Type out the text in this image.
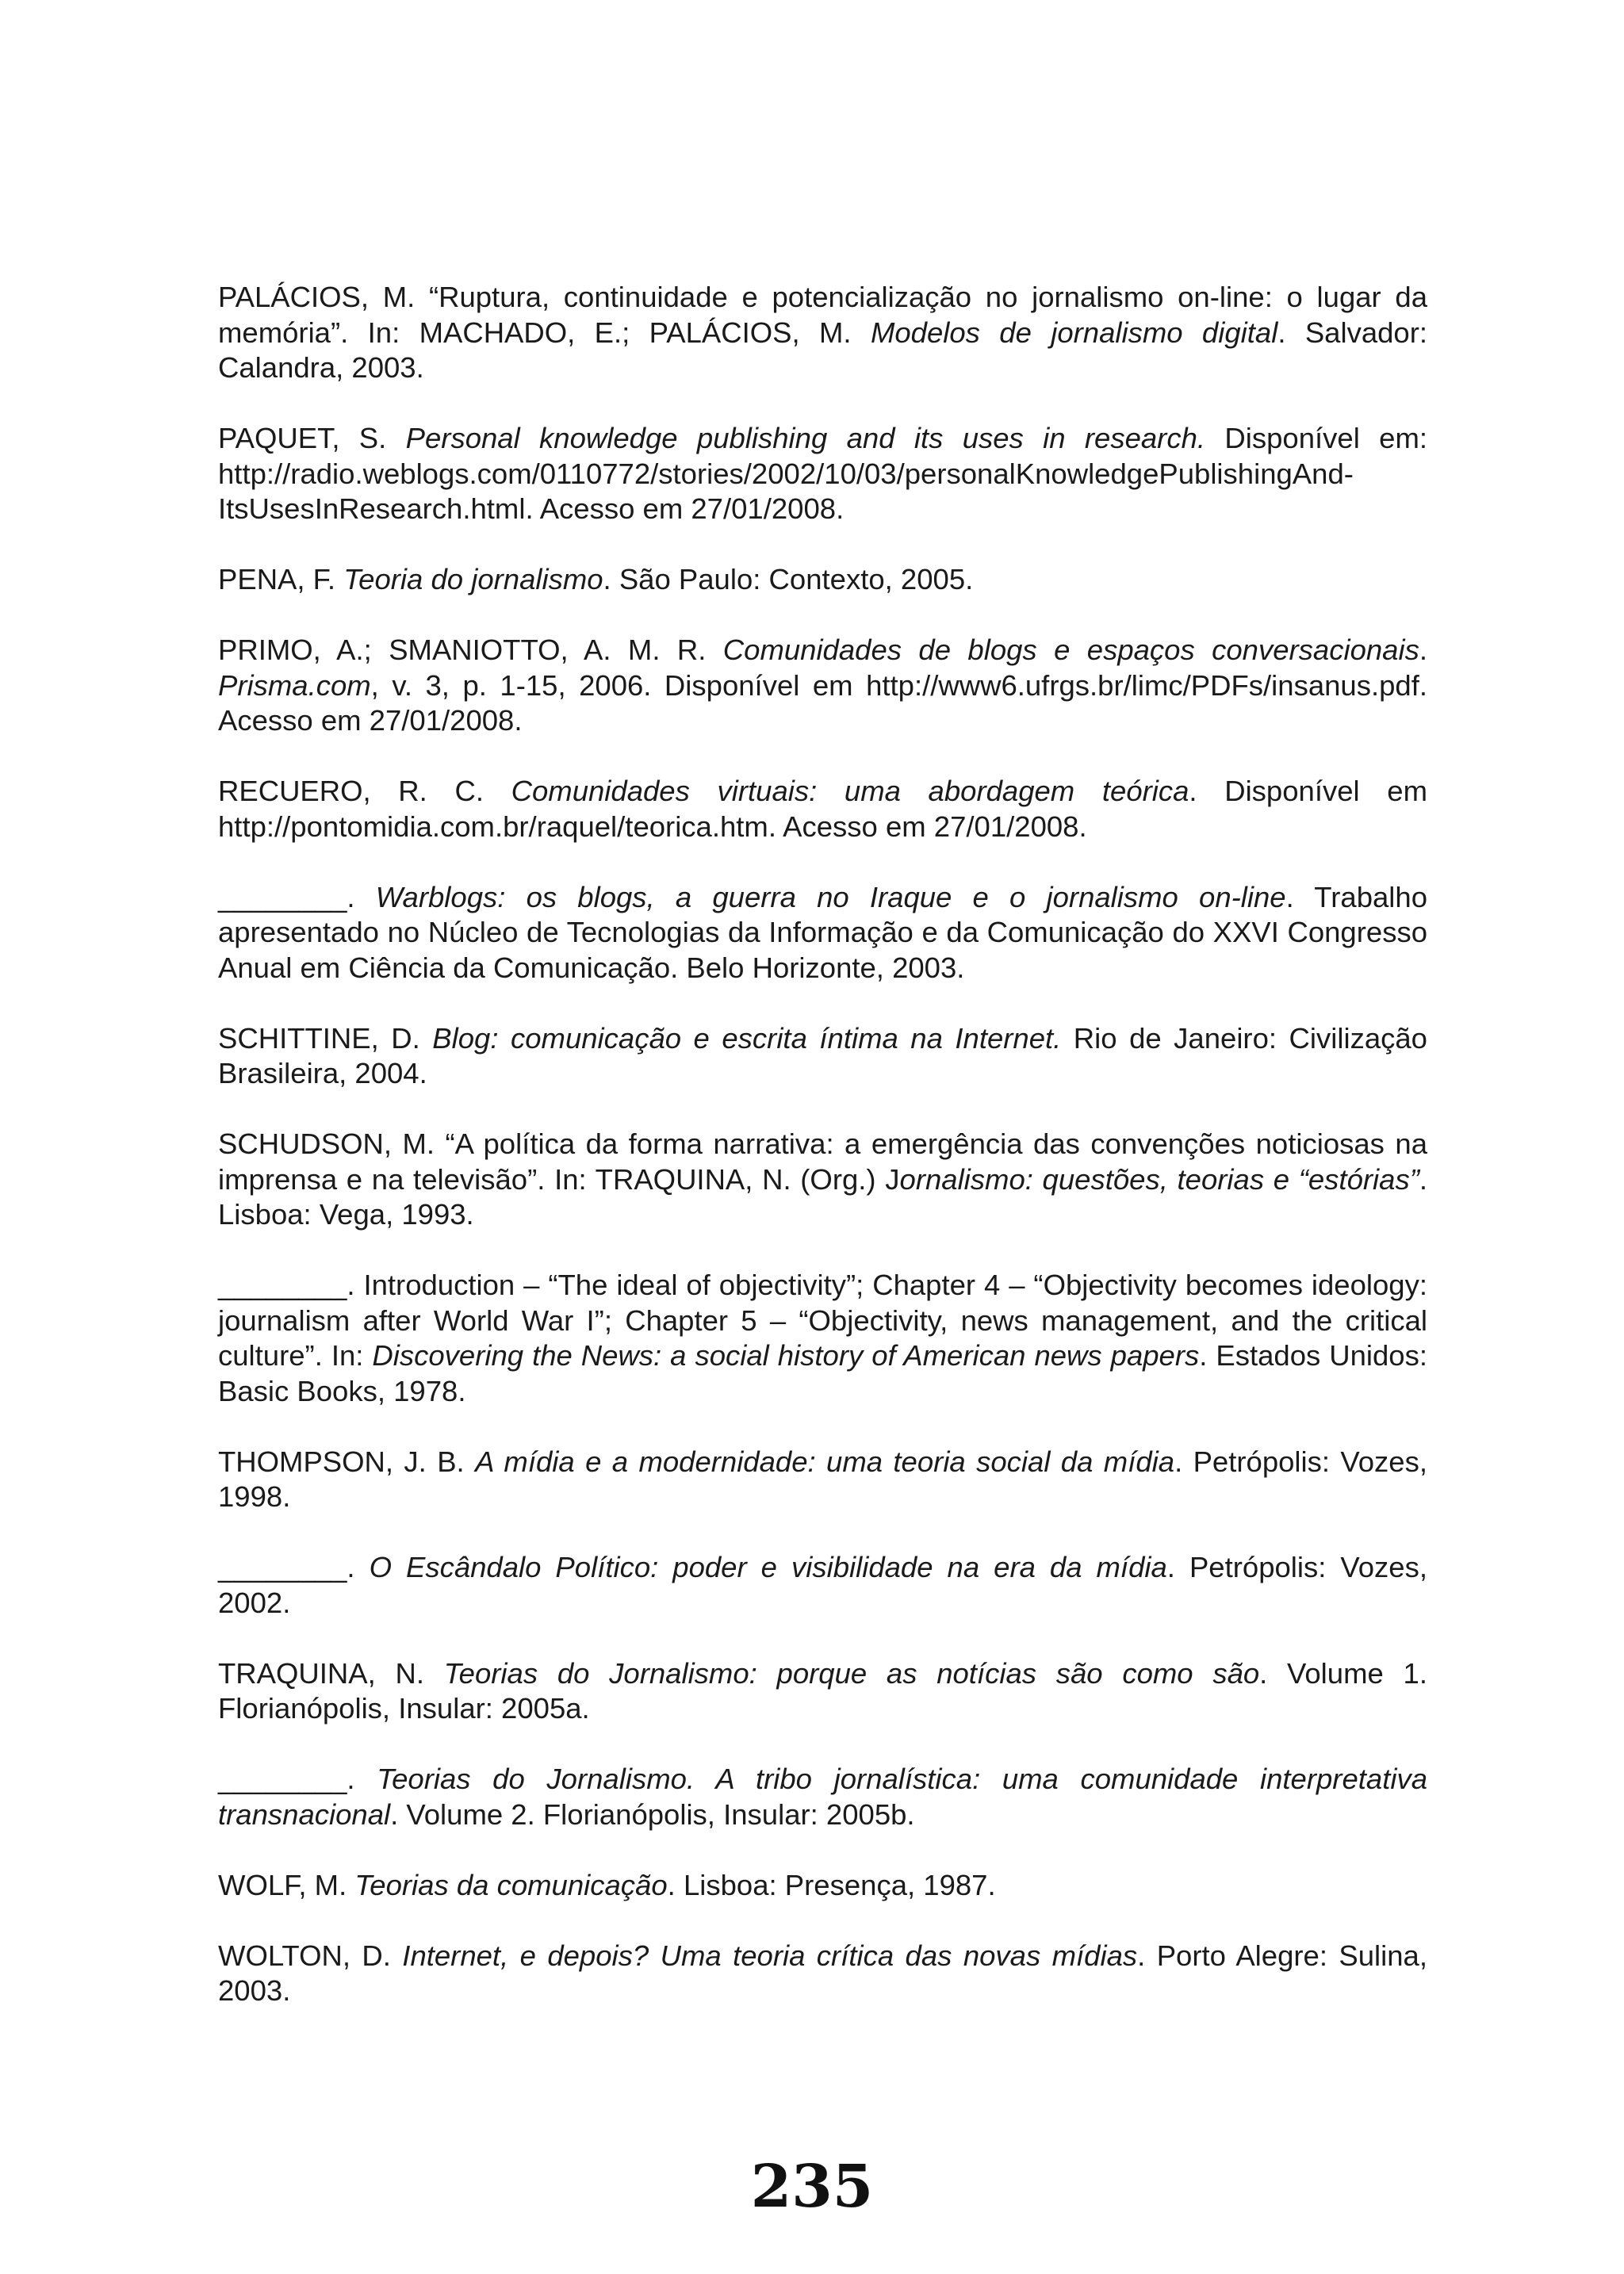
PALÁCIOS, M. “Ruptura, continuidade e potencialização no jornalismo on-line: o lugar da memória”. In: MACHADO, E.; PALÁCIOS, M. Modelos de jornalismo digital. Salvador: Calandra, 2003.
PAQUET, S. Personal knowledge publishing and its uses in research. Disponível em: http://radio.weblogs.com/0110772/stories/2002/10/03/personalKnowledgePublishingAnd-ItsUsesInResearch.html. Acesso em 27/01/2008.
PENA, F. Teoria do jornalismo. São Paulo: Contexto, 2005.
PRIMO, A.; SMANIOTTO, A. M. R. Comunidades de blogs e espaços conversacionais. Prisma.com, v. 3, p. 1-15, 2006. Disponível em http://www6.ufrgs.br/limc/PDFs/insanus.pdf. Acesso em 27/01/2008.
RECUERO, R. C. Comunidades virtuais: uma abordagem teórica. Disponível em http://pontomidia.com.br/raquel/teorica.htm. Acesso em 27/01/2008.
________. Warblogs: os blogs, a guerra no Iraque e o jornalismo on-line. Trabalho apresentado no Núcleo de Tecnologias da Informação e da Comunicação do XXVI Congresso Anual em Ciência da Comunicação. Belo Horizonte, 2003.
SCHITTINE, D. Blog: comunicação e escrita íntima na Internet. Rio de Janeiro: Civilização Brasileira, 2004.
SCHUDSON, M. “A política da forma narrativa: a emergência das convenções noticiosas na imprensa e na televisão”. In: TRAQUINA, N. (Org.) Jornalismo: questões, teorias e “estórias”. Lisboa: Vega, 1993.
________. Introduction – “The ideal of objectivity”; Chapter 4 – “Objectivity becomes ideology: journalism after World War I”; Chapter 5 – “Objectivity, news management, and the critical culture”. In: Discovering the News: a social history of American news papers. Estados Unidos: Basic Books, 1978.
THOMPSON, J. B. A mídia e a modernidade: uma teoria social da mídia. Petrópolis: Vozes, 1998.
________. O Escândalo Político: poder e visibilidade na era da mídia. Petrópolis: Vozes, 2002.
TRAQUINA, N. Teorias do Jornalismo: porque as notícias são como são. Volume 1. Florianópolis, Insular: 2005a.
________. Teorias do Jornalismo. A tribo jornalística: uma comunidade interpretativa transnacional. Volume 2. Florianópolis, Insular: 2005b.
WOLF, M. Teorias da comunicação. Lisboa: Presença, 1987.
WOLTON, D. Internet, e depois? Uma teoria crítica das novas mídias. Porto Alegre: Sulina, 2003.
235
